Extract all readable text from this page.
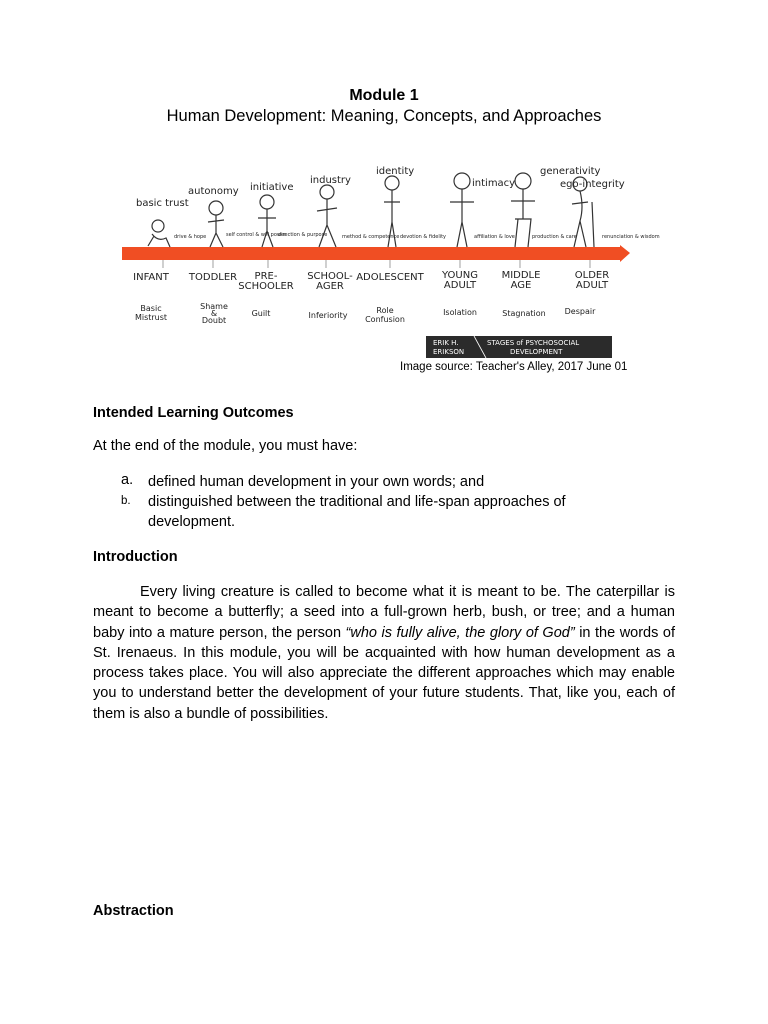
Module 1
Human Development: Meaning, Concepts, and Approaches
basic trust
autonomy initiative
industry
identity
intimacy
generativity
ego-integrity
drive & hope	self control & will power
direction & purpose	method & competence devotion & fidelity	affiliation & love	production & care	renunciation & wisdom
INFANT TODDLER PRE-
SCHOOLER
SCHOOL-
AGER
ADOLESCENT YOUNG
ADULT
MIDDLE
AGE
OLDER
ADULT
Basic
Mistrust
Shame
&
Doubt
Guilt	Inferiority
Role
Confusion
Isolation	Stagnation Despair
ERIK H.
ERIKSON
STAGES of PSYCHOSOCIAL
DEVELOPMENT
Image source: Teacher's Alley, 2017 June 01
Intended Learning Outcomes
At the end of the module, you must have:
a. defined human development in your own words; and
b. distinguished between the traditional and life-span approaches of development.
Introduction

Every living creature is called to become what it is meant to be. The caterpillar is meant to become a butterfly; a seed into a full-grown herb, bush, or tree; and a human baby into a mature person, the person “who is fully alive, the glory of God” in the words of St. Irenaeus. In this module, you will be acquainted with how human development as a process takes place. You will also appreciate the different approaches which may enable you to understand better the development of your future students. That, like you, each of them is also a bundle of possibilities.

Abstraction
